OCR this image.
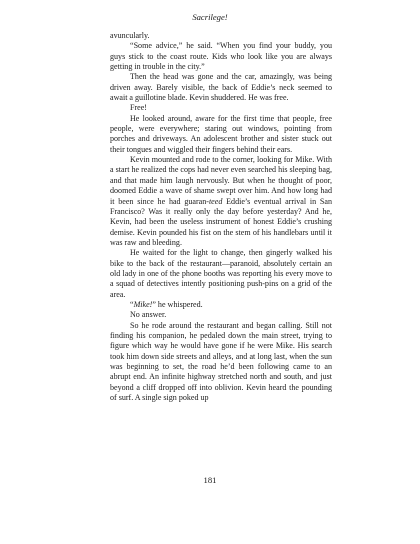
Sacrilege!

avuncularly.

“Some advice,” he said. “When you find your buddy, you guys stick to the coast route. Kids who look like you are always getting in trouble in the city.”

Then the head was gone and the car, amazingly, was being driven away. Barely visible, the back of Eddie’s neck seemed to await a guillotine blade. Kevin shuddered. He was free.

Free!

He looked around, aware for the first time that people, free people, were everywhere; staring out windows, pointing from porches and driveways. An adolescent brother and sister stuck out their tongues and wiggled their fingers behind their ears.

Kevin mounted and rode to the corner, looking for Mike. With a start he realized the cops had never even searched his sleeping bag, and that made him laugh nervously. But when he thought of poor, doomed Eddie a wave of shame swept over him. And how long had it been since he had guaran-teed Eddie’s eventual arrival in San Francisco? Was it really only the day before yesterday? And he, Kevin, had been the useless instrument of honest Eddie’s crushing demise. Kevin pounded his fist on the stem of his handlebars until it was raw and bleeding.

He waited for the light to change, then gingerly walked his bike to the back of the restaurant—paranoid, absolutely certain an old lady in one of the phone booths was reporting his every move to a squad of detectives intently positioning push-pins on a grid of the area.

“Mike!” he whispered.

No answer.

So he rode around the restaurant and began calling. Still not finding his companion, he pedaled down the main street, trying to figure which way he would have gone if he were Mike. His search took him down side streets and alleys, and at long last, when the sun was beginning to set, the road he’d been following came to an abrupt end. An infinite highway stretched north and south, and just beyond a cliff dropped off into oblivion. Kevin heard the pounding of surf. A single sign poked up

181
